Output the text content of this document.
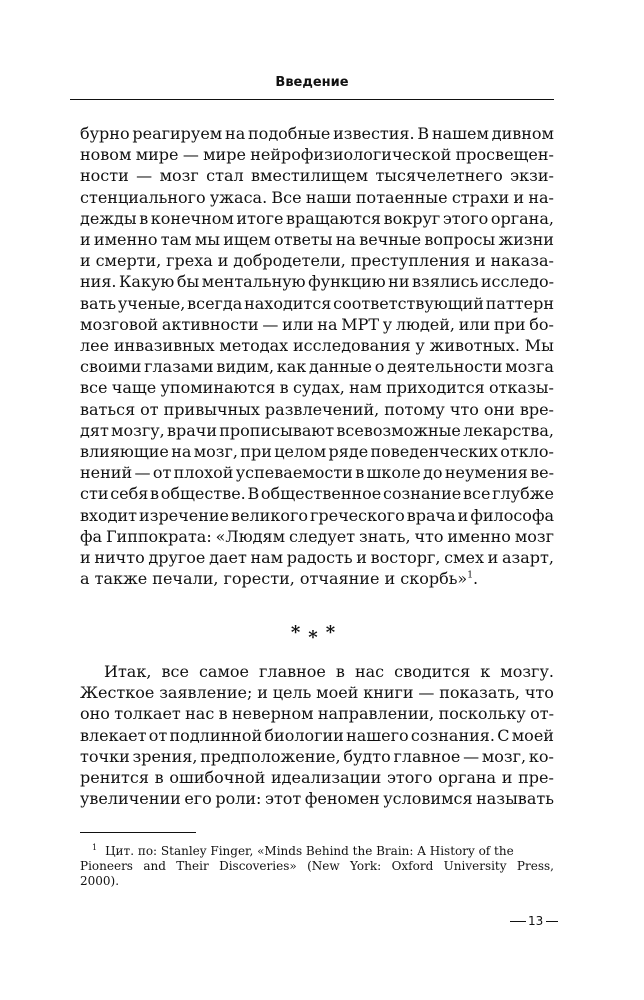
Введение
бурно реагируем на подобные известия. В нашем дивном
новом мире — мире нейрофизиологической просвещен-
ности — мозг стал вместилищем тысячелетнего экзи-
стенциального ужаса. Все наши потаенные страхи и на-
дежды в конечном итоге вращаются вокруг этого органа,
и именно там мы ищем ответы на вечные вопросы жизни
и смерти, греха и добродетели, преступления и наказа-
ния. Какую бы ментальную функцию ни взялись исследо-
вать ученые, всегда находится соответствующий паттерн
мозговой активности — или на МРТ у людей, или при бо-
лее инвазивных методах исследования у животных. Мы
своими глазами видим, как данные о деятельности мозга
все чаще упоминаются в судах, нам приходится отказы-
ваться от привычных развлечений, потому что они вре-
дят мозгу, врачи прописывают всевозможные лекарства,
влияющие на мозг, при целом ряде поведенческих откло-
нений — от плохой успеваемости в школе до неумения ве-
сти себя в обществе. В общественное сознание все глубже
входит изречение великого греческого врача и философа
фа Гиппократа: «Людям следует знать, что именно мозг
и ничто другое дает нам радость и восторг, смех и азарт,
а также печали, горести, отчаяние и скорбь»$^1$.
***
Итак, все самое главное в нас сводится к мозгу.
Жесткое заявление; и цель моей книги — показать, что
оно толкает нас в неверном направлении, поскольку от-
влекает от подлинной биологии нашего сознания. С моей
точки зрения, предположение, будто главное — мозг, ко-
ренится в ошибочной идеализации этого органа и пре-
увеличении его роли: этот феномен условимся называть
$^1$ Цит. по: Stanley Finger, «Minds Behind the Brain: A History of the
Pioneers and Their Discoveries» (New York: Oxford University Press,
2000).
13
